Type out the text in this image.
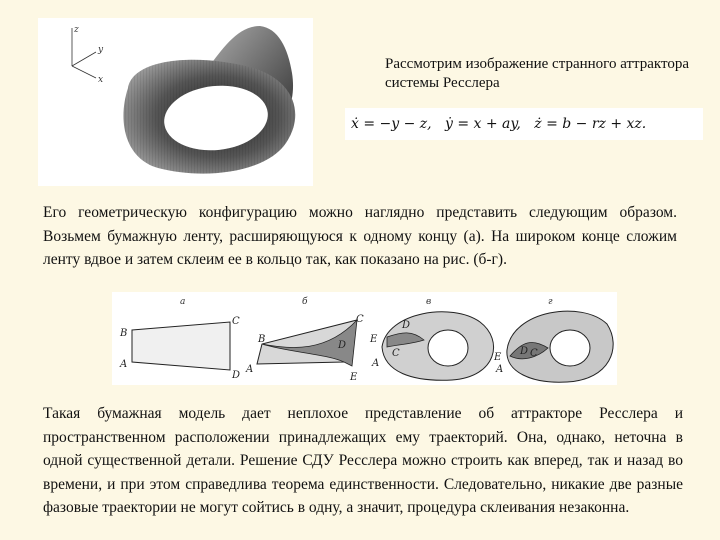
z
y
x
Рассмотрим изображение странного аттрактора системы Ресслера
ẋ = −y − z,   ẏ = x + ay,   ż = b − rz + xz.
Его геометрическую конфигурацию можно наглядно представить следующим образом. Возьмем бумажную ленту, расширяющуюся к одному концу (а). На широком конце сложим ленту вдвое и затем склеим ее в кольцо так, как показано на рис. (б-г).
а	б	в	г
B
A
C
D
B
A
C
D
E
E
A
D
C	E
A
D C
Такая бумажная модель дает неплохое представление об аттракторе Ресслера и пространственном расположении принадлежащих ему траекторий. Она, однако, неточна в одной существенной детали. Решение СДУ Ресслера можно строить как вперед, так и назад во времени, и при этом справедлива теорема единственности. Следовательно, никакие две разные фазовые траектории не могут сойтись в одну, а значит, процедура склеивания незаконна.
